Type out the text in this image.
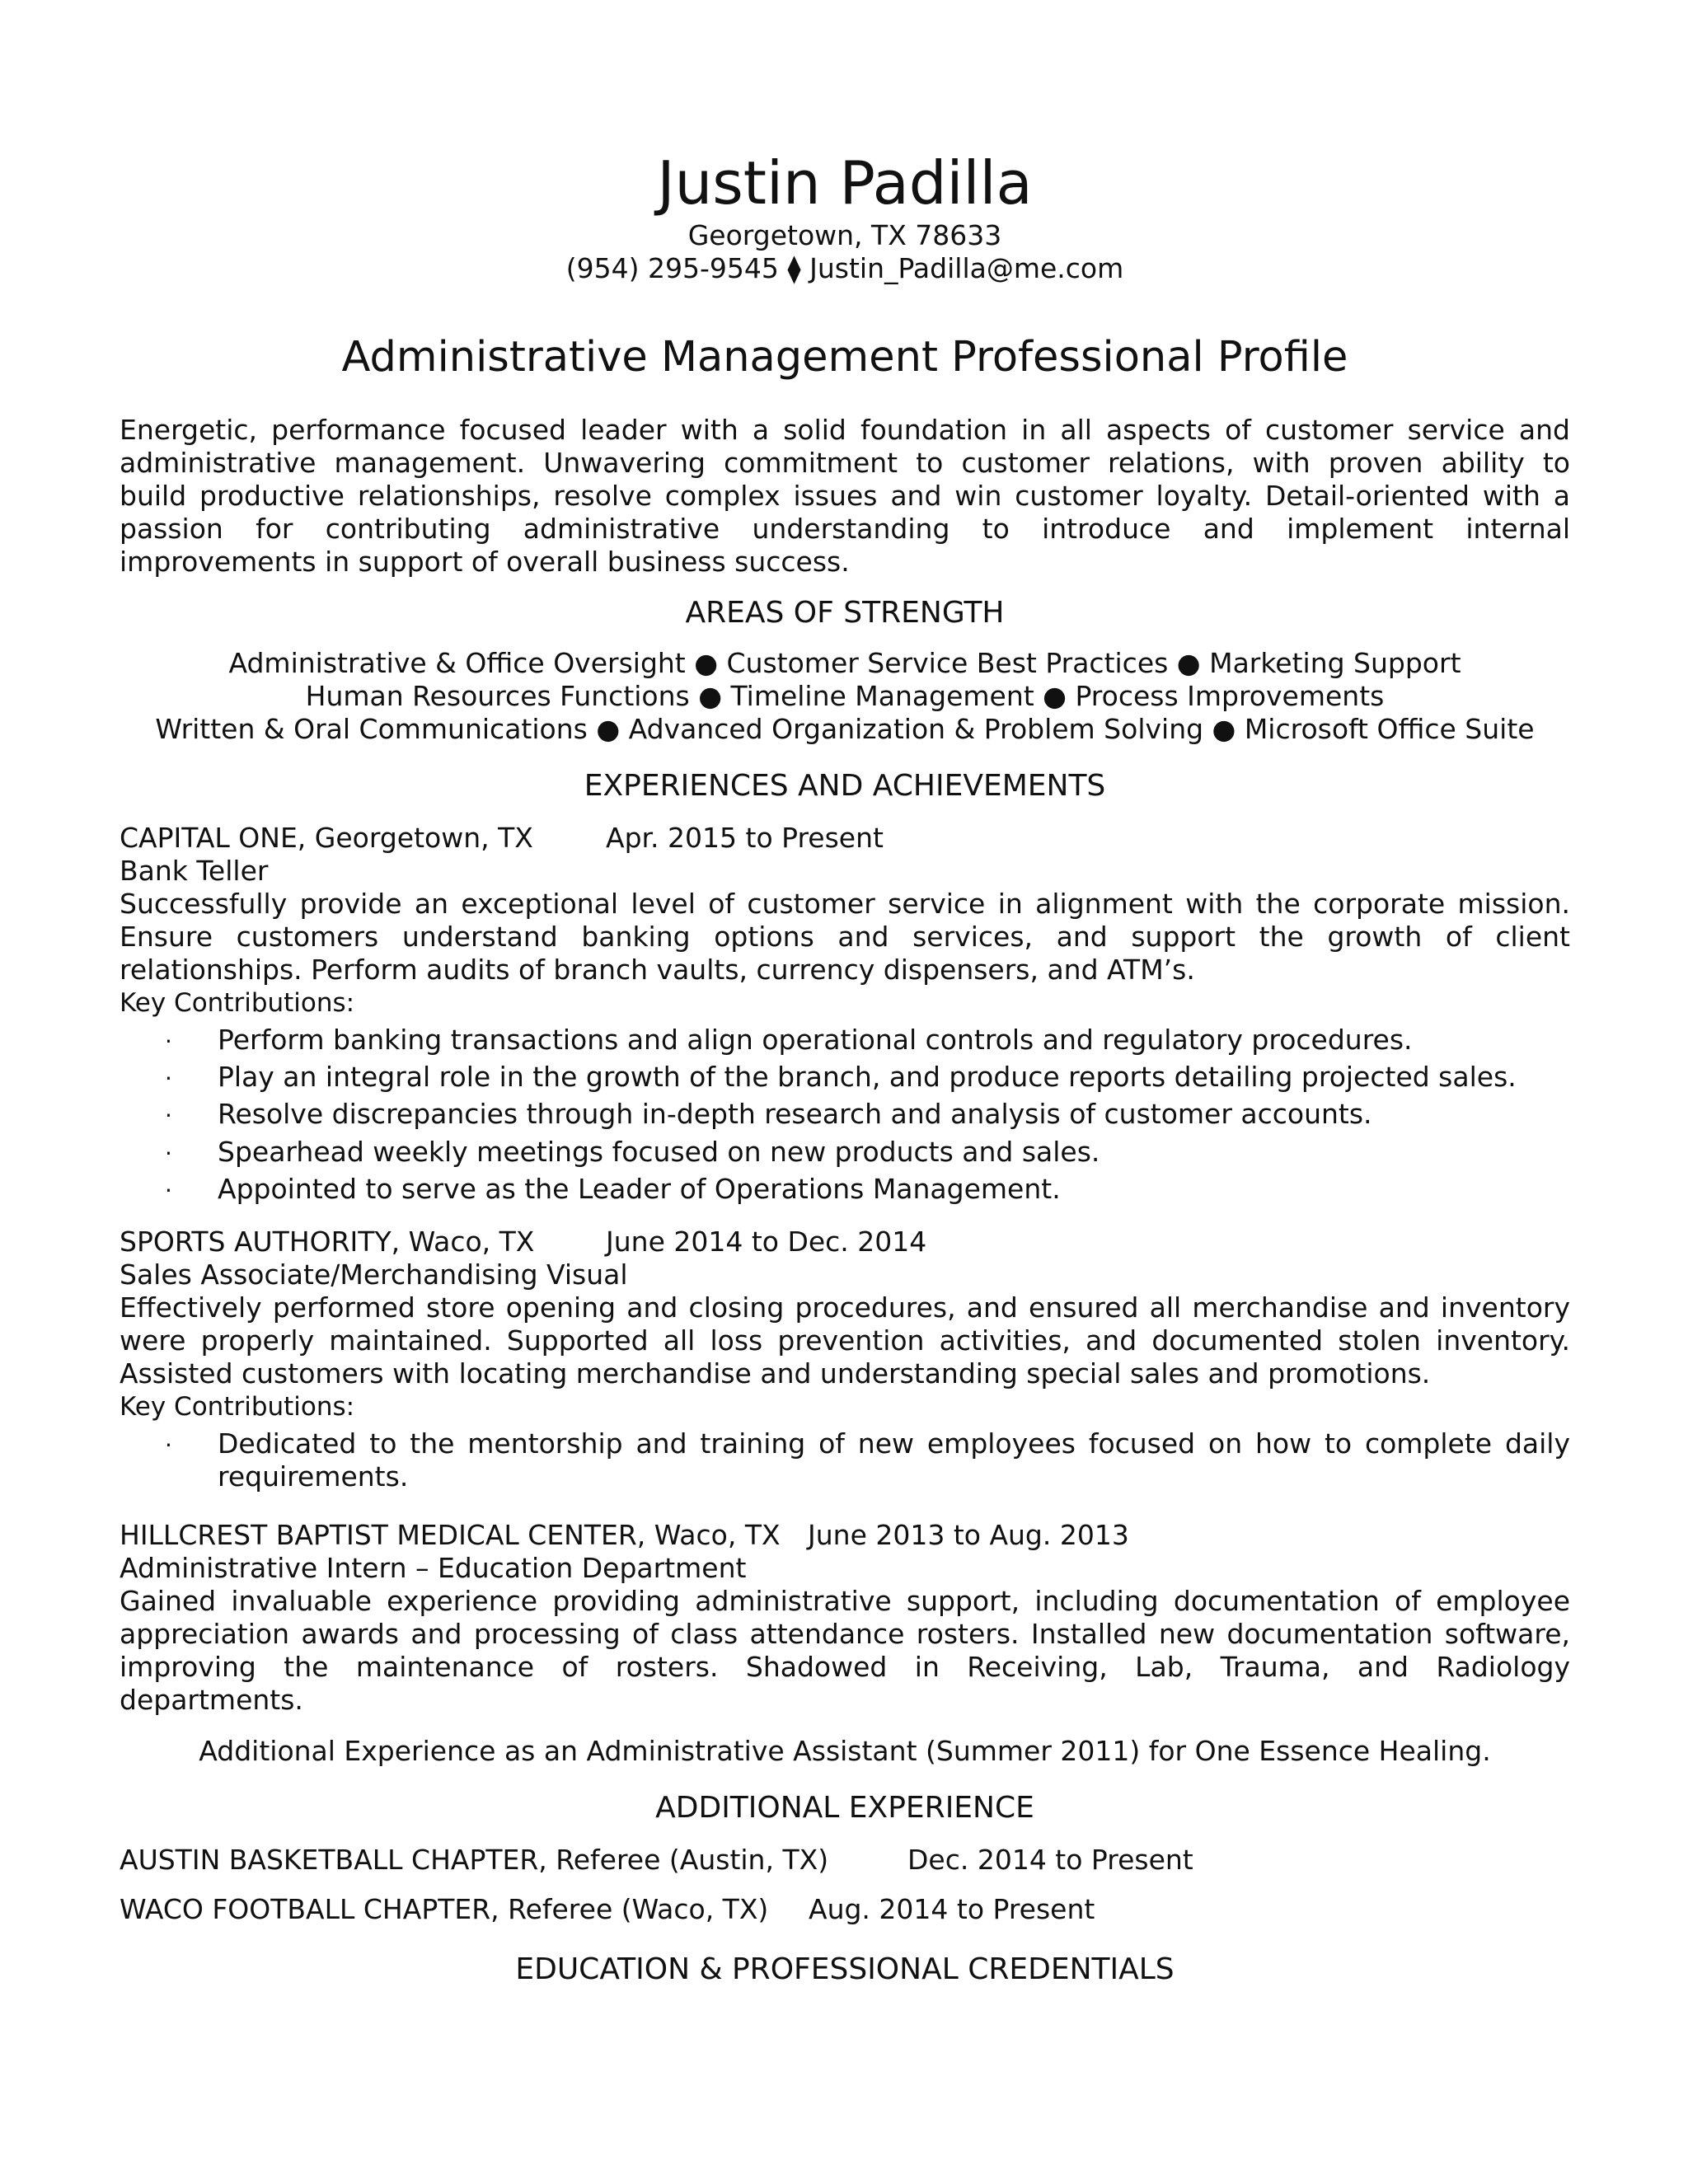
Justin Padilla
Georgetown, TX 78633
(954) 295-9545 ⧫ Justin_Padilla@me.com
Administrative Management Professional Profile
Energetic, performance focused leader with a solid foundation in all aspects of customer service and
administrative management. Unwavering commitment to customer relations, with proven ability to
build productive relationships, resolve complex issues and win customer loyalty. Detail-oriented with a
passion for contributing administrative understanding to introduce and implement internal
improvements in support of overall business success.
AREAS OF STRENGTH
Administrative & Office Oversight ● Customer Service Best Practices ● Marketing Support
Human Resources Functions ● Timeline Management ● Process Improvements
Written & Oral Communications ● Advanced Organization & Problem Solving ● Microsoft Office Suite
EXPERIENCES AND ACHIEVEMENTS
CAPITAL ONE, Georgetown, TX	Apr. 2015 to Present
Bank Teller
Successfully provide an exceptional level of customer service in alignment with the corporate mission.
Ensure customers understand banking options and services, and support the growth of client
relationships. Perform audits of branch vaults, currency dispensers, and ATM’s.
Key Contributions:
· Perform banking transactions and align operational controls and regulatory procedures.
· Play an integral role in the growth of the branch, and produce reports detailing projected sales.
· Resolve discrepancies through in-depth research and analysis of customer accounts.
· Spearhead weekly meetings focused on new products and sales.
· Appointed to serve as the Leader of Operations Management.
SPORTS AUTHORITY, Waco, TX	June 2014 to Dec. 2014
Sales Associate/Merchandising Visual
Effectively performed store opening and closing procedures, and ensured all merchandise and inventory
were properly maintained. Supported all loss prevention activities, and documented stolen inventory.
Assisted customers with locating merchandise and understanding special sales and promotions.
Key Contributions:
·	Dedicated to the mentorship and training of new employees focused on how to complete daily
requirements.
HILLCREST BAPTIST MEDICAL CENTER, Waco, TX June 2013 to Aug. 2013
Administrative Intern – Education Department
Gained invaluable experience providing administrative support, including documentation of employee
appreciation awards and processing of class attendance rosters. Installed new documentation software,
improving the maintenance of rosters. Shadowed in Receiving, Lab, Trauma, and Radiology
departments.
Additional Experience as an Administrative Assistant (Summer 2011) for One Essence Healing.
ADDITIONAL EXPERIENCE
AUSTIN BASKETBALL CHAPTER, Referee (Austin, TX)	Dec. 2014 to Present
WACO FOOTBALL CHAPTER, Referee (Waco, TX) Aug. 2014 to Present
EDUCATION & PROFESSIONAL CREDENTIALS
